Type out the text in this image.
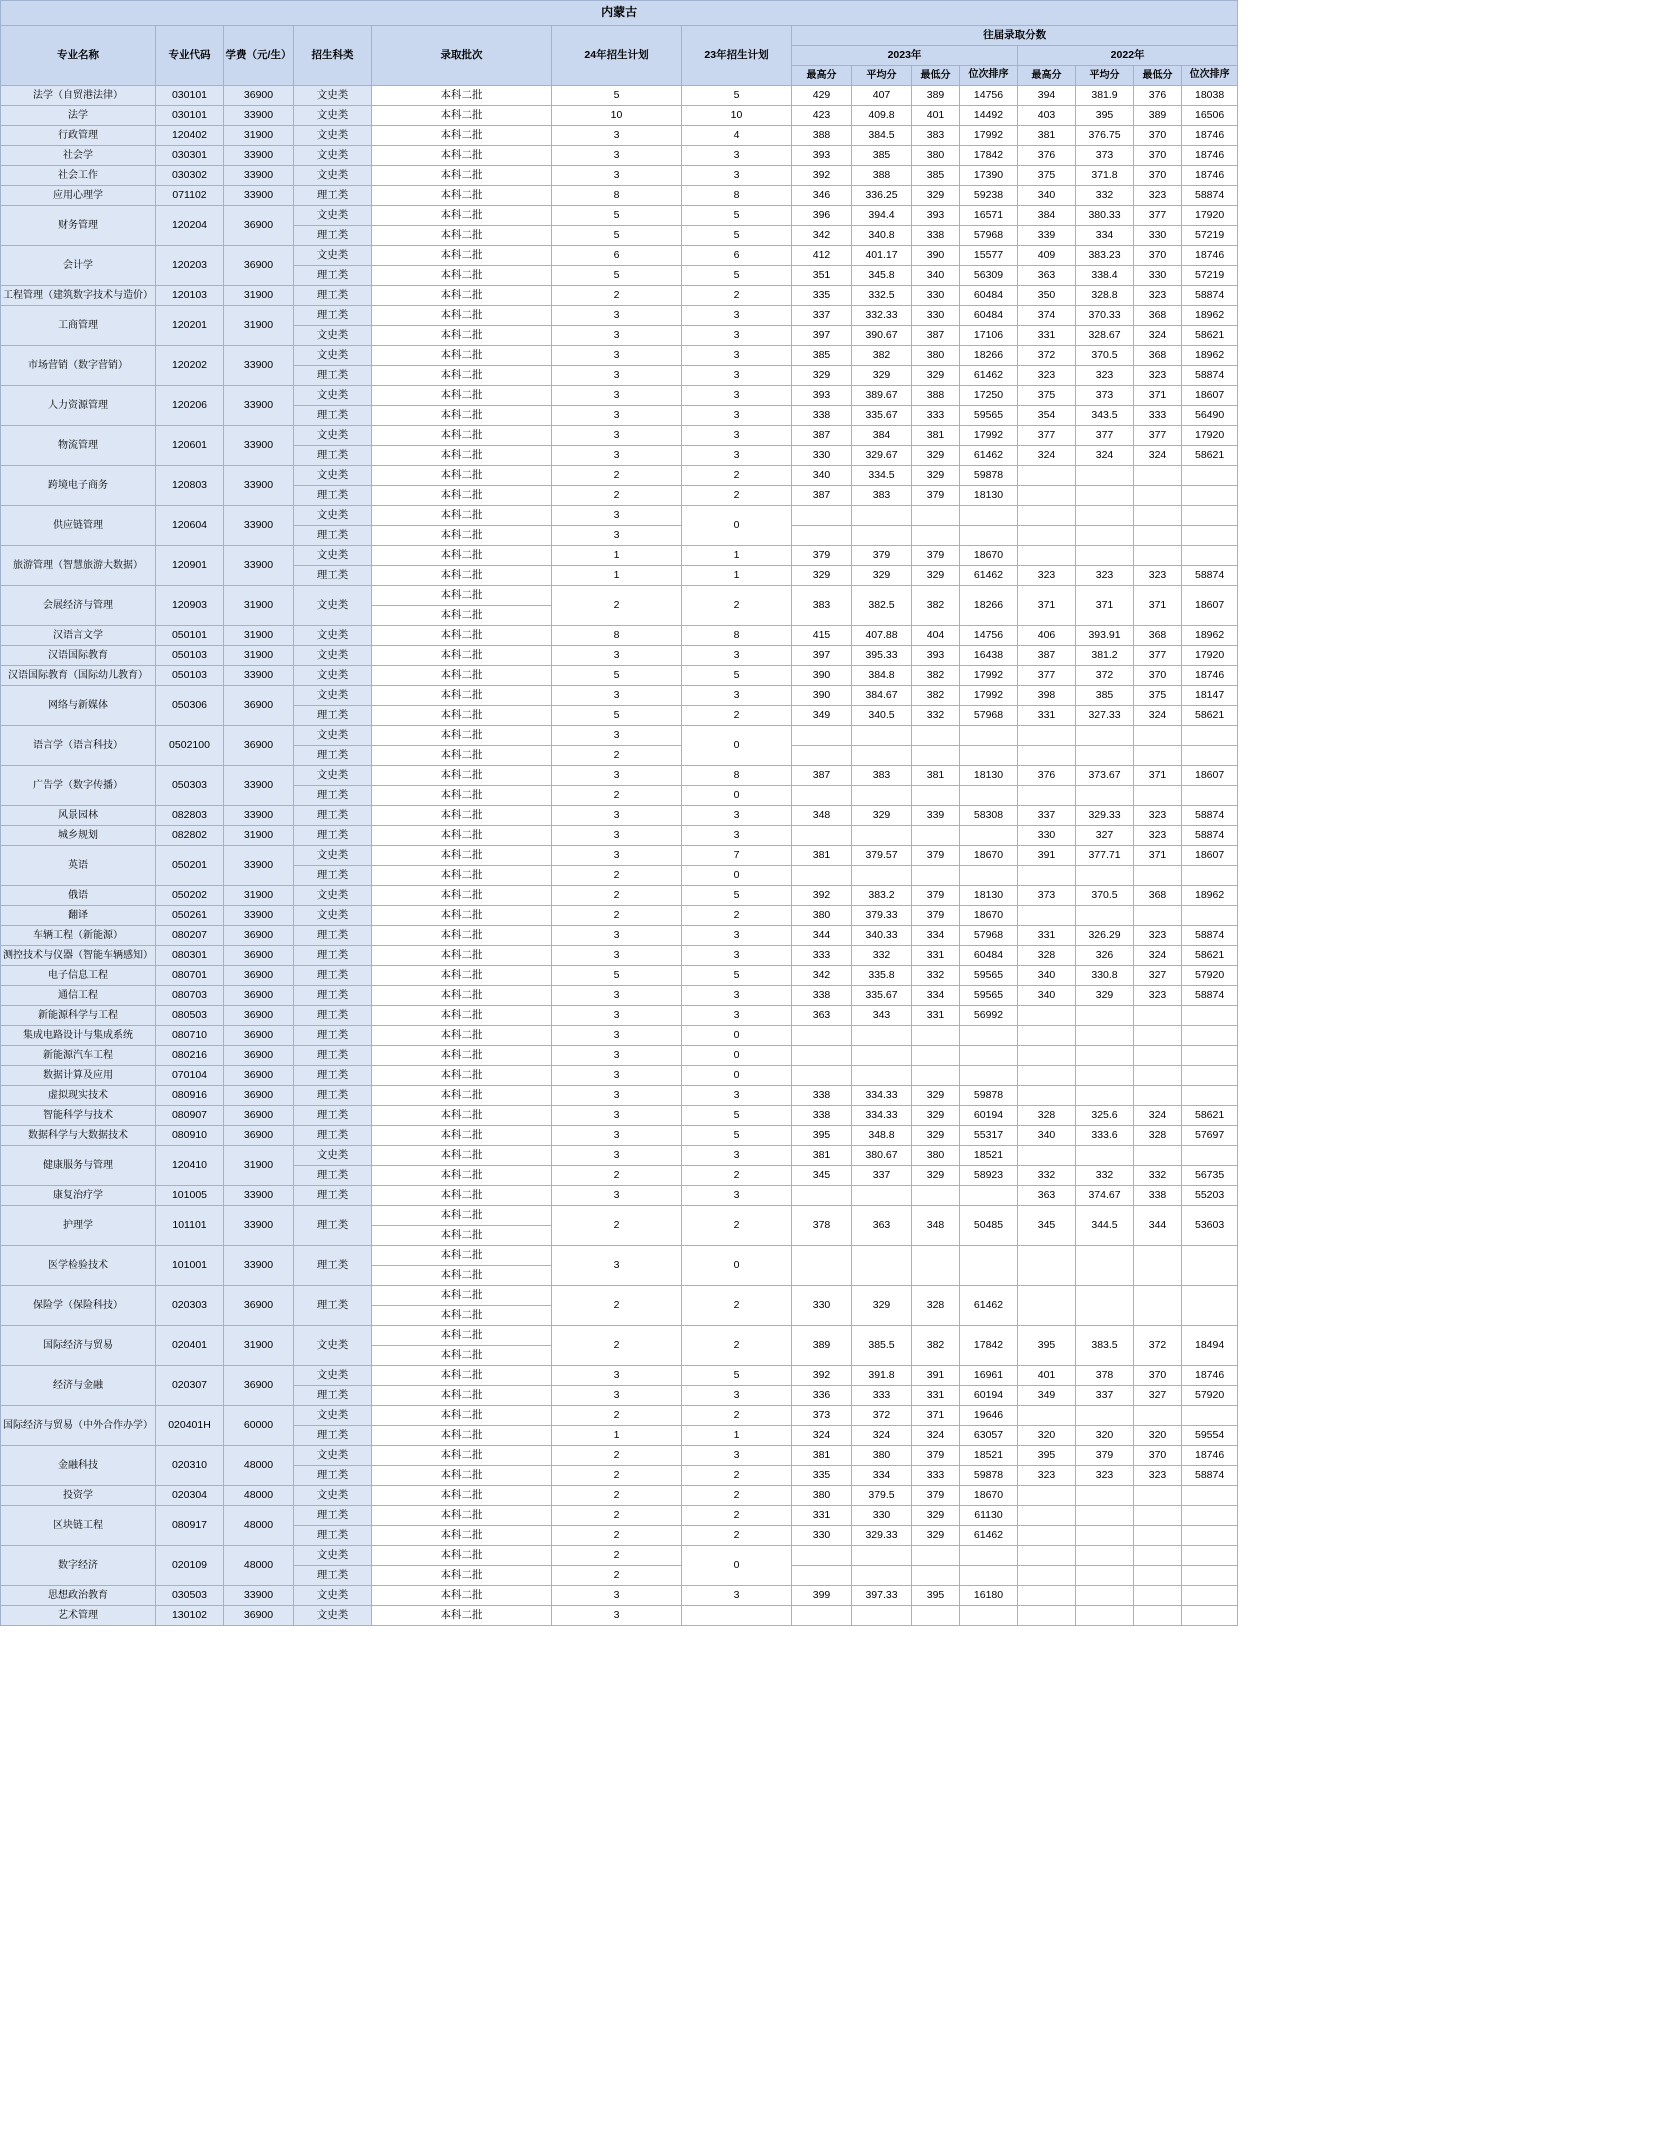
内蒙古														
专业名称	专业代码	学费（元/生）	招生科类	录取批次	24年招生计划	23年招生计划	往届录取分数							
							2023年				2022年			
							最高分	平均分	最低分	位次排序	最高分	平均分	最低分	位次排序
法学（自贸港法律）	030101	36900	文史类	本科二批	5	5	429	407	389	14756	394	381.9	376	18038
法学	030101	33900	文史类	本科二批	10	10	423	409.8	401	14492	403	395	389	16506
行政管理	120402	31900	文史类	本科二批	3	4	388	384.5	383	17992	381	376.75	370	18746
社会学	030301	33900	文史类	本科二批	3	3	393	385	380	17842	376	373	370	18746
社会工作	030302	33900	文史类	本科二批	3	3	392	388	385	17390	375	371.8	370	18746
应用心理学	071102	33900	理工类	本科二批	8	8	346	336.25	329	59238	340	332	323	58874
财务管理	120204	36900	文史类	本科二批	5	5	396	394.4	393	16571	384	380.33	377	17920
			理工类	本科二批	5	5	342	340.8	338	57968	339	334	330	57219
会计学	120203	36900	文史类	本科二批	6	6	412	401.17	390	15577	409	383.23	370	18746
			理工类	本科二批	5	5	351	345.8	340	56309	363	338.4	330	57219
工程管理（建筑数字技术与造价）	120103	31900	理工类	本科二批	2	2	335	332.5	330	60484	350	328.8	323	58874
工商管理	120201	31900	理工类	本科二批	3	3	337	332.33	330	60484	374	370.33	368	18962
			文史类	本科二批	3	3	397	390.67	387	17106	331	328.67	324	58621
市场营销（数字营销）	120202	33900	文史类	本科二批	3	3	385	382	380	18266	372	370.5	368	18962
			理工类	本科二批	3	3	329	329	329	61462	323	323	323	58874
人力资源管理	120206	33900	文史类	本科二批	3	3	393	389.67	388	17250	375	373	371	18607
			理工类	本科二批	3	3	338	335.67	333	59565	354	343.5	333	56490
物流管理	120601	33900	文史类	本科二批	3	3	387	384	381	17992	377	377	377	17920
			理工类	本科二批	3	3	330	329.67	329	61462	324	324	324	58621
跨境电子商务	120803	33900	文史类	本科二批	2	2	340	334.5	329	59878				
			理工类	本科二批	2	2	387	383	379	18130				
供应链管理	120604	33900	文史类	本科二批	3	0								
			理工类	本科二批	3									
旅游管理（智慧旅游大数据）	120901	33900	文史类	本科二批	1	1	379	379	379	18670				
			理工类	本科二批	1	1	329	329	329	61462	323	323	323	58874
会展经济与管理	120903	31900	文史类	本科二批	2	2	383	382.5	382	18266	371	371	371	18607
				本科二批										
汉语言文学	050101	31900	文史类	本科二批	8	8	415	407.88	404	14756	406	393.91	368	18962
汉语国际教育	050103	31900	文史类	本科二批	3	3	397	395.33	393	16438	387	381.2	377	17920
汉语国际教育（国际幼儿教育）	050103	33900	文史类	本科二批	5	5	390	384.8	382	17992	377	372	370	18746
网络与新媒体	050306	36900	文史类	本科二批	3	3	390	384.67	382	17992	398	385	375	18147
			理工类	本科二批	5	2	349	340.5	332	57968	331	327.33	324	58621
语言学（语言科技）	0502100	36900	文史类	本科二批	3	0								
			理工类	本科二批	2									
广告学（数字传播）	050303	33900	文史类	本科二批	3	8	387	383	381	18130	376	373.67	371	18607
			理工类	本科二批	2	0								
风景园林	082803	33900	理工类	本科二批	3	3	348	329	339	58308	337	329.33	323	58874
城乡规划	082802	31900	理工类	本科二批	3	3					330	327	323	58874
英语	050201	33900	文史类	本科二批	3	7	381	379.57	379	18670	391	377.71	371	18607
			理工类	本科二批	2	0								
俄语	050202	31900	文史类	本科二批	2	5	392	383.2	379	18130	373	370.5	368	18962
翻译	050261	33900	文史类	本科二批	2	2	380	379.33	379	18670				
车辆工程（新能源）	080207	36900	理工类	本科二批	3	3	344	340.33	334	57968	331	326.29	323	58874
测控技术与仪器（智能车辆感知）	080301	36900	理工类	本科二批	3	3	333	332	331	60484	328	326	324	58621
电子信息工程	080701	36900	理工类	本科二批	5	5	342	335.8	332	59565	340	330.8	327	57920
通信工程	080703	36900	理工类	本科二批	3	3	338	335.67	334	59565	340	329	323	58874
新能源科学与工程	080503	36900	理工类	本科二批	3	3	363	343	331	56992				
集成电路设计与集成系统	080710	36900	理工类	本科二批	3	0								
新能源汽车工程	080216	36900	理工类	本科二批	3	0								
数据计算及应用	070104	36900	理工类	本科二批	3	0								
虚拟现实技术	080916	36900	理工类	本科二批	3	3	338	334.33	329	59878				
智能科学与技术	080907	36900	理工类	本科二批	3	5	338	334.33	329	60194	328	325.6	324	58621
数据科学与大数据技术	080910	36900	理工类	本科二批	3	5	395	348.8	329	55317	340	333.6	328	57697
健康服务与管理	120410	31900	文史类	本科二批	3	3	381	380.67	380	18521				
			理工类	本科二批	2	2	345	337	329	58923	332	332	332	56735
康复治疗学	101005	33900	理工类	本科二批	3	3					363	374.67	338	55203
护理学	101101	33900	理工类	本科二批	2	2	378	363	348	50485	345	344.5	344	53603
				本科二批										
医学检验技术	101001	33900	理工类	本科二批	3	0								
				本科二批										
保险学（保险科技）	020303	36900	理工类	本科二批	2	2	330	329	328	61462				
				本科二批										
国际经济与贸易	020401	31900	文史类	本科二批	2	2	389	385.5	382	17842	395	383.5	372	18494
				本科二批										
经济与金融	020307	36900	文史类	本科二批	3	5	392	391.8	391	16961	401	378	370	18746
			理工类	本科二批	3	3	336	333	331	60194	349	337	327	57920
国际经济与贸易（中外合作办学）	020401H	60000	文史类	本科二批	2	2	373	372	371	19646				
			理工类	本科二批	1	1	324	324	324	63057	320	320	320	59554
金融科技	020310	48000	文史类	本科二批	2	3	381	380	379	18521	395	379	370	18746
			理工类	本科二批	2	2	335	334	333	59878	323	323	323	58874
投资学	020304	48000	文史类	本科二批	2	2	380	379.5	379	18670				
区块链工程	080917	48000	理工类	本科二批	2	2	331	330	329	61130				
			理工类	本科二批	2	2	330	329.33	329	61462				
数字经济	020109	48000	文史类	本科二批	2	0								
			理工类	本科二批	2									
思想政治教育	030503	33900	文史类	本科二批	3	3	399	397.33	395	16180				
艺术管理	130102	36900	文史类	本科二批	3									
